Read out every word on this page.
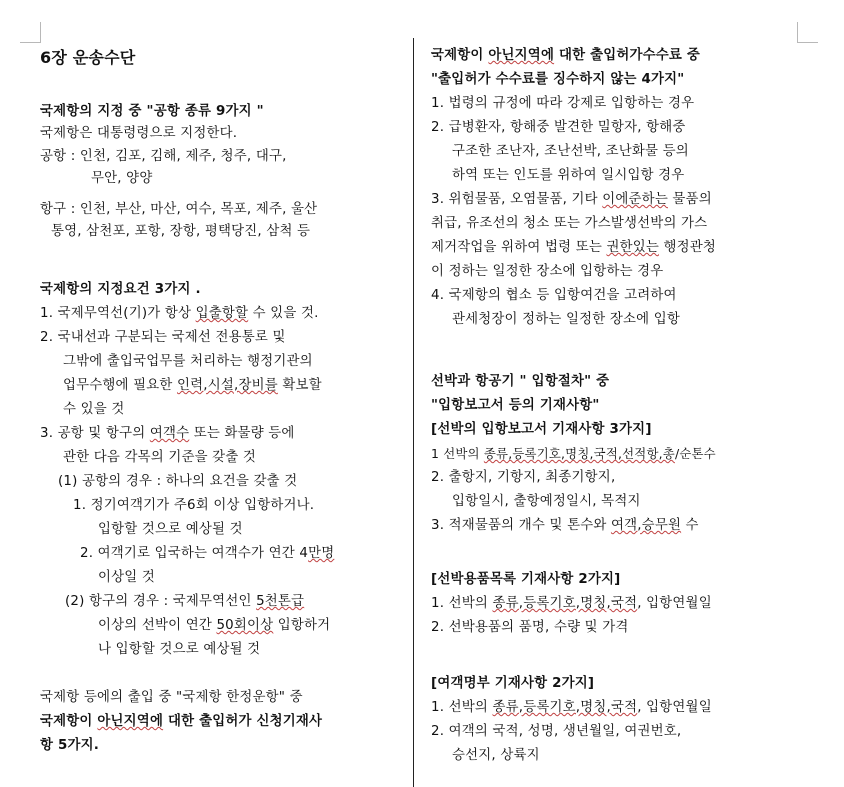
6장 운송수단
국제항의 지정 중 "공항 종류 9가지 "
국제항은 대통령령으로 지정한다.
공항 : 인천, 김포, 김해, 제주, 청주, 대구,
무안, 양양
항구 : 인천, 부산, 마산, 여수, 목포, 제주, 울산
통영, 삼천포, 포항, 장항, 평택당진, 삼척 등
국제항의 지정요건 3가지 .
1. 국제무역선(기)가 항상 입출항할 수 있을 것.
2. 국내선과 구분되는 국제선 전용통로 및
그밖에 출입국업무를 처리하는 행정기관의
업무수행에 필요한 인력,시설,장비를 확보할
수 있을 것
3. 공항 및 항구의 여객수 또는 화물량 등에
관한 다음 각목의 기준을 갖출 것
(1) 공항의 경우 : 하나의 요건을 갖출 것
1. 정기여객기가 주6회 이상 입항하거나.
입항할 것으로 예상될 것
2. 여객기로 입국하는 여객수가 연간 4만명
이상일 것
(2) 항구의 경우 : 국제무역선인 5천톤급
이상의 선박이 연간 50회이상 입항하거
나 입항할 것으로 예상될 것
국제항 등에의 출입 중 "국제항 한정운항" 중
국제항이 아닌지역에 대한 출입허가 신청기재사
항 5가지.
국제항이 아닌지역에 대한 출입허가수수료 중
"출입허가 수수료를 징수하지 않는 4가지"
1. 법령의 규정에 따라 강제로 입항하는 경우
2. 급병환자, 항해중 발견한 밀항자, 항해중
구조한 조난자, 조난선박, 조난화물 등의
하역 또는 인도를 위하여 일시입항 경우
3. 위험물품, 오염물품, 기타 이에준하는 물품의
취급, 유조선의 청소 또는 가스발생선박의 가스
제거작업을 위하여 법령 또는 권한있는 행정관청
이 정하는 일정한 장소에 입항하는 경우
4. 국제항의 협소 등 입항여건을 고려하여
관세청장이 정하는 일정한 장소에 입항
선박과 항공기 " 입항절차" 중
"입항보고서 등의 기재사항"
[선박의 입항보고서 기재사항 3가지]
1 선박의 종류,등록기호,명칭,국적,선적항,총/순톤수
2. 출항지, 기항지, 최종기항지,
입항일시, 출항예정일시, 목적지
3. 적재물품의 개수 및 톤수와 여객,승무원 수
[선박용품목록 기재사항 2가지]
1. 선박의 종류,등록기호,명칭,국적, 입항연월일
2. 선박용품의 품명, 수량 및 가격
[여객명부 기재사항 2가지]
1. 선박의 종류,등록기호,명칭,국적, 입항연월일
2. 여객의 국적, 성명, 생년월일, 여권번호,
승선지, 상륙지
